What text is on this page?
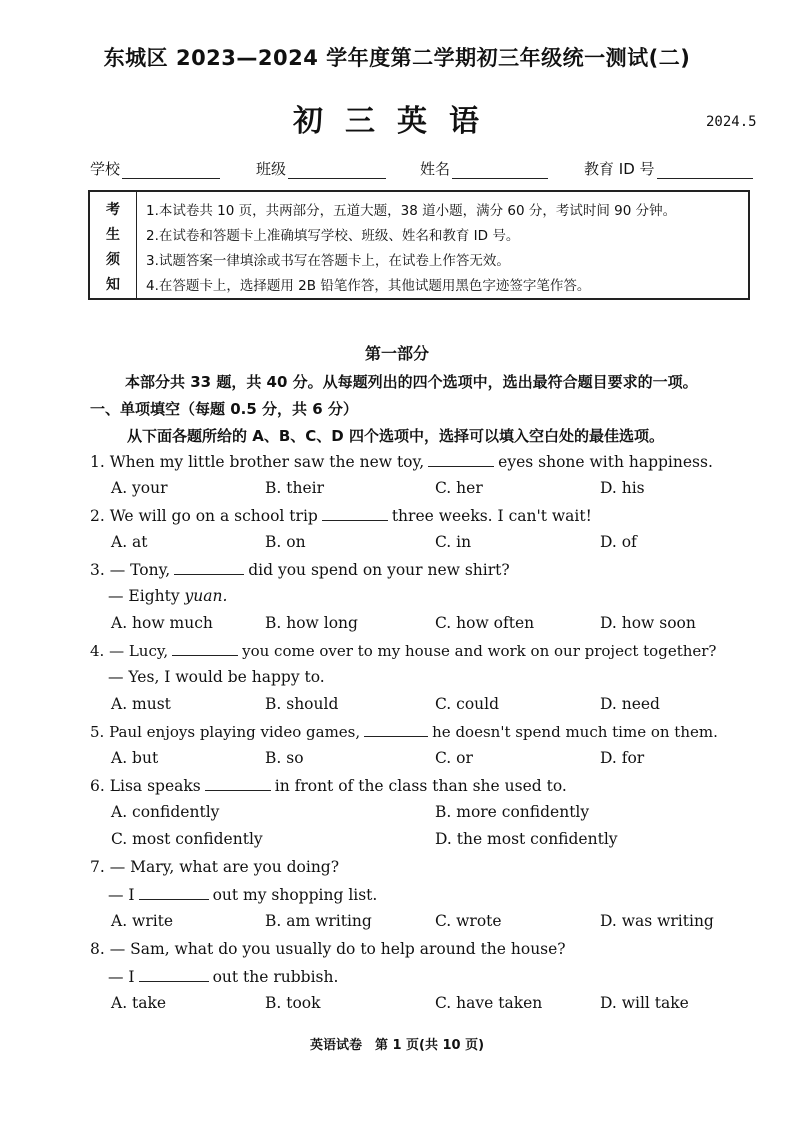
东城区 2023—2024 学年度第二学期初三年级统一测试(二)
初三英语	2024.5
学校	班级	姓名	教育 ID 号
考
生
须
知
1.本试卷共 10 页，共两部分，五道大题，38 道小题，满分 60 分，考试时间 90 分钟。
2.在试卷和答题卡上准确填写学校、班级、姓名和教育 ID 号。
3.试题答案一律填涂或书写在答题卡上，在试卷上作答无效。
4.在答题卡上，选择题用 2B 铅笔作答，其他试题用黑色字迹签字笔作答。
第一部分
本部分共 33 题，共 40 分。从每题列出的四个选项中，选出最符合题目要求的一项。
一、单项填空（每题 0.5 分，共 6 分）
从下面各题所给的 A、B、C、D 四个选项中，选择可以填入空白处的最佳选项。
1. When my little brother saw the new toy,	eyes shone with happiness.
A. your	B. their	C. her	D. his
2. We will go on a school trip	three weeks. I can't wait!
A. at	B. on	C. in	D. of
3. — Tony,	did you spend on your new shirt?
— Eighty yuan.
A. how much	B. how long	C. how often	D. how soon
4. — Lucy,	you come over to my house and work on our project together?
— Yes, I would be happy to.
A. must	B. should	C. could	D. need
5. Paul enjoys playing video games,	he doesn't spend much time on them.
A. but	B. so	C. or	D. for
6. Lisa speaks	in front of the class than she used to.
A. confidently	B. more confidently
C. most confidently	D. the most confidently
7. — Mary, what are you doing?
— I	out my shopping list.
A. write	B. am writing	C. wrote	D. was writing
8. — Sam, what do you usually do to help around the house?
— I	out the rubbish.
A. take	B. took	C. have taken	D. will take
英语试卷　第 1 页(共 10 页)
